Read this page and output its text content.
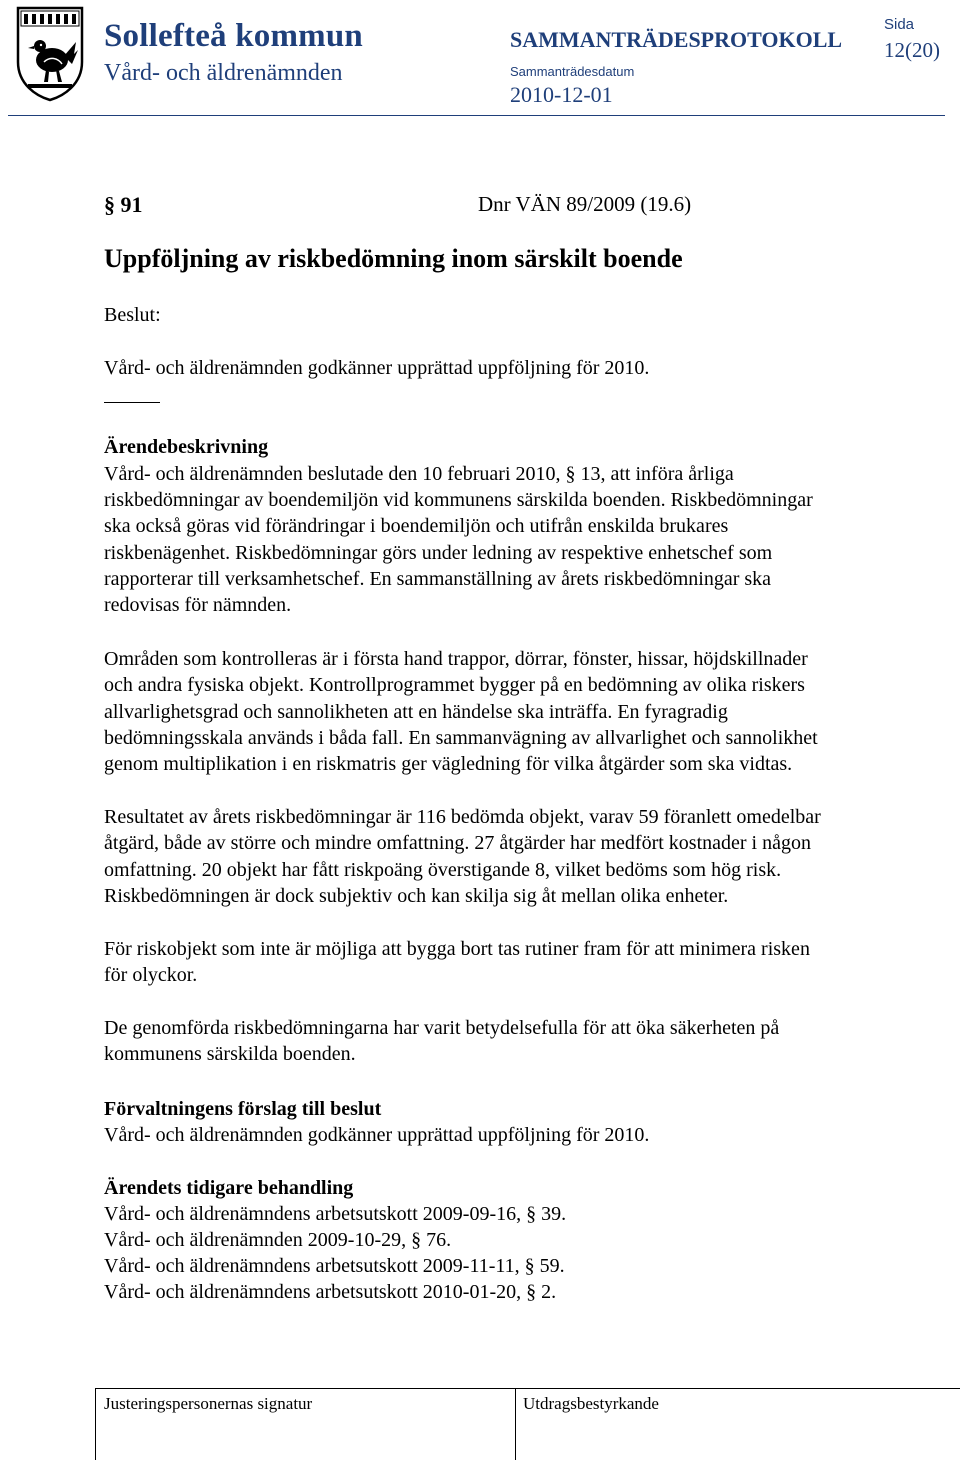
Sollefteå kommun
Vård- och äldrenämnden
SAMMANTRÄDESPROTOKOLL
Sammanträdesdatum
2010-12-01
Sida
12(20)
§ 91	Dnr VÄN 89/2009 (19.6)
Uppföljning av riskbedömning inom särskilt boende
Beslut:
Vård- och äldrenämnden godkänner upprättad uppföljning för 2010.
Ärendebeskrivning
Vård- och äldrenämnden beslutade den 10 februari 2010, § 13, att införa årliga
riskbedömningar av boendemiljön vid kommunens särskilda boenden. Riskbedömningar
ska också göras vid förändringar i boendemiljön och utifrån enskilda brukares
riskbenägenhet. Riskbedömningar görs under ledning av respektive enhetschef som
rapporterar till verksamhetschef. En sammanställning av årets riskbedömningar ska
redovisas för nämnden.
Områden som kontrolleras är i första hand trappor, dörrar, fönster, hissar, höjdskillnader
och andra fysiska objekt. Kontrollprogrammet bygger på en bedömning av olika riskers
allvarlighetsgrad och sannolikheten att en händelse ska inträffa. En fyragradig
bedömningsskala används i båda fall. En sammanvägning av allvarlighet och sannolikhet
genom multiplikation i en riskmatris ger vägledning för vilka åtgärder som ska vidtas.
Resultatet av årets riskbedömningar är 116 bedömda objekt, varav 59 föranlett omedelbar
åtgärd, både av större och mindre omfattning. 27 åtgärder har medfört kostnader i någon
omfattning. 20 objekt har fått riskpoäng överstigande 8, vilket bedöms som hög risk.
Riskbedömningen är dock subjektiv och kan skilja sig åt mellan olika enheter.
För riskobjekt som inte är möjliga att bygga bort tas rutiner fram för att minimera risken
för olyckor.
De genomförda riskbedömningarna har varit betydelsefulla för att öka säkerheten på
kommunens särskilda boenden.
Förvaltningens förslag till beslut
Vård- och äldrenämnden godkänner upprättad uppföljning för 2010.
Ärendets tidigare behandling
Vård- och äldrenämndens arbetsutskott 2009-09-16, § 39.
Vård- och äldrenämnden 2009-10-29, § 76.
Vård- och äldrenämndens arbetsutskott 2009-11-11, § 59.
Vård- och äldrenämndens arbetsutskott 2010-01-20, § 2.
Justeringspersonernas signatur	Utdragsbestyrkande
